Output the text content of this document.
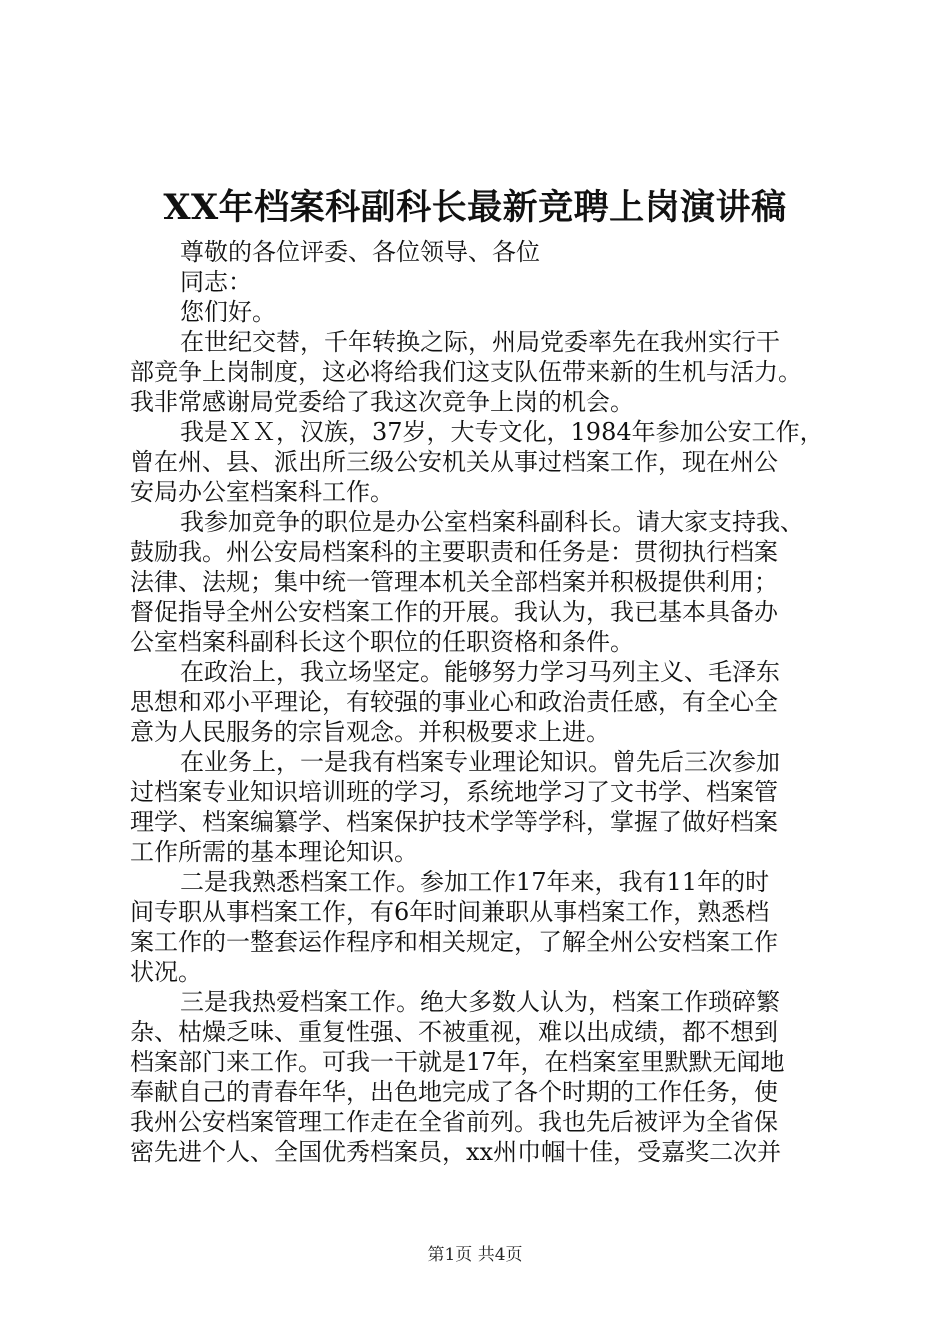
XX年档案科副科长最新竞聘上岗演讲稿
尊敬的各位评委、各位领导、各位
同志：
您们好。
在世纪交替，千年转换之际，州局党委率先在我州实行干
部竞争上岗制度，这必将给我们这支队伍带来新的生机与活力。
我非常感谢局党委给了我这次竞争上岗的机会。
我是ＸＸ，汉族，37岁，大专文化，1984年参加公安工作，
曾在州、县、派出所三级公安机关从事过档案工作，现在州公
安局办公室档案科工作。
我参加竞争的职位是办公室档案科副科长。请大家支持我、
鼓励我。州公安局档案科的主要职责和任务是：贯彻执行档案
法律、法规；集中统一管理本机关全部档案并积极提供利用；
督促指导全州公安档案工作的开展。我认为，我已基本具备办
公室档案科副科长这个职位的任职资格和条件。
在政治上，我立场坚定。能够努力学习马列主义、毛泽东
思想和邓小平理论，有较强的事业心和政治责任感，有全心全
意为人民服务的宗旨观念。并积极要求上进。
在业务上，一是我有档案专业理论知识。曾先后三次参加
过档案专业知识培训班的学习，系统地学习了文书学、档案管
理学、档案编纂学、档案保护技术学等学科，掌握了做好档案
工作所需的基本理论知识。
二是我熟悉档案工作。参加工作17年来，我有11年的时
间专职从事档案工作，有6年时间兼职从事档案工作，熟悉档
案工作的一整套运作程序和相关规定，了解全州公安档案工作
状况。
三是我热爱档案工作。绝大多数人认为，档案工作琐碎繁
杂、枯燥乏味、重复性强、不被重视，难以出成绩，都不想到
档案部门来工作。可我一干就是17年，在档案室里默默无闻地
奉献自己的青春年华，出色地完成了各个时期的工作任务，使
我州公安档案管理工作走在全省前列。我也先后被评为全省保
密先进个人、全国优秀档案员，xx州巾帼十佳，受嘉奖二次并
第1页 共4页
